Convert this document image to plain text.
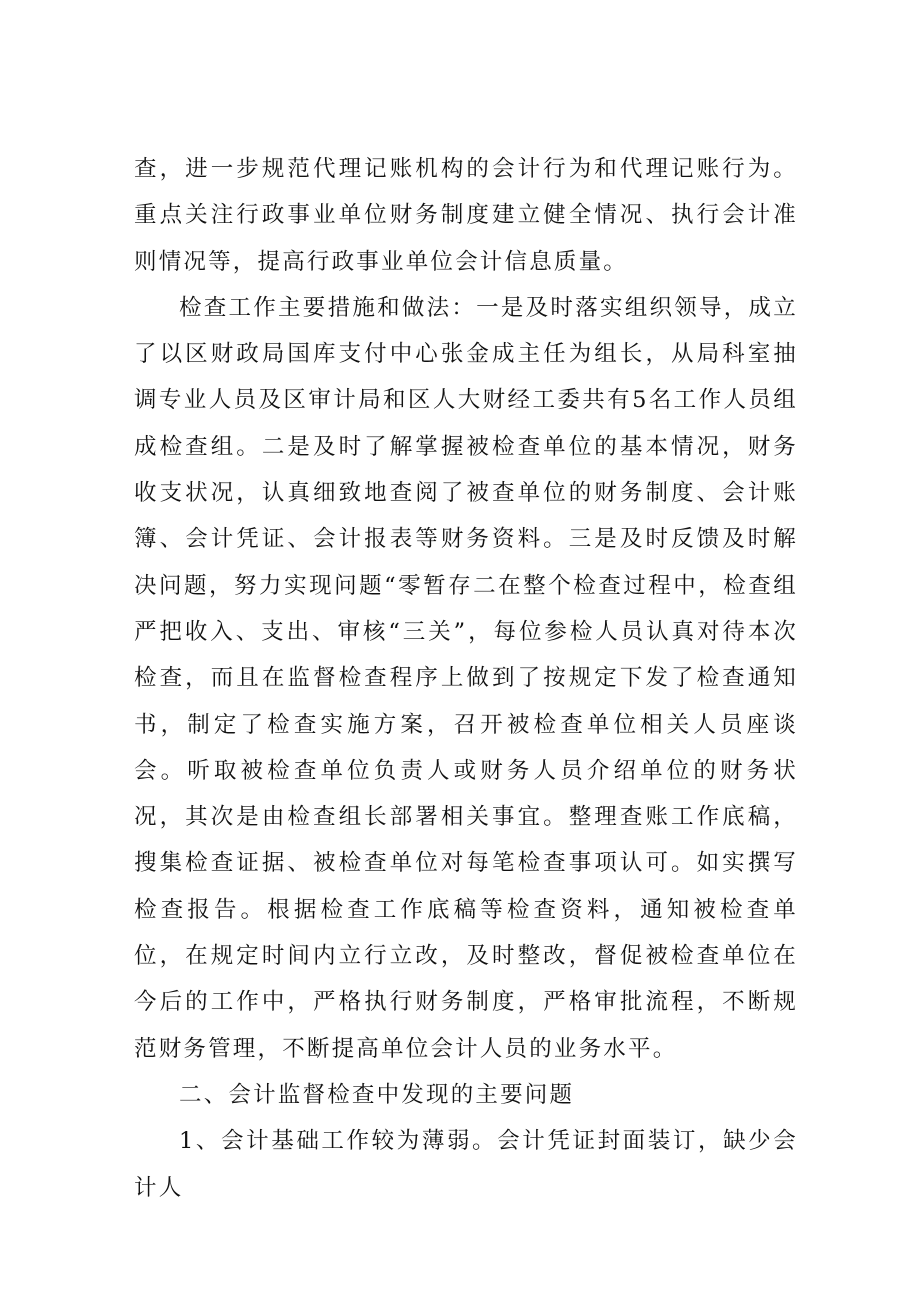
查，进一步规范代理记账机构的会计行为和代理记账行为。重点关注行政事业单位财务制度建立健全情况、执行会计准则情况等，提高行政事业单位会计信息质量。

检查工作主要措施和做法：一是及时落实组织领导，成立了以区财政局国库支付中心张金成主任为组长，从局科室抽调专业人员及区审计局和区人大财经工委共有5名工作人员组成检查组。二是及时了解掌握被检查单位的基本情况，财务收支状况，认真细致地查阅了被查单位的财务制度、会计账簿、会计凭证、会计报表等财务资料。三是及时反馈及时解决问题，努力实现问题“零暂存二在整个检查过程中，检查组严把收入、支出、审核“三关”，每位参检人员认真对待本次检查，而且在监督检查程序上做到了按规定下发了检查通知书，制定了检查实施方案，召开被检查单位相关人员座谈会。听取被检查单位负责人或财务人员介绍单位的财务状况，其次是由检查组长部署相关事宜。整理查账工作底稿，搜集检查证据、被检查单位对每笔检查事项认可。如实撰写检查报告。根据检查工作底稿等检查资料，通知被检查单位，在规定时间内立行立改，及时整改，督促被检查单位在今后的工作中，严格执行财务制度，严格审批流程，不断规范财务管理，不断提高单位会计人员的业务水平。

二、会计监督检查中发现的主要问题

1、会计基础工作较为薄弱。会计凭证封面装订，缺少会计人
